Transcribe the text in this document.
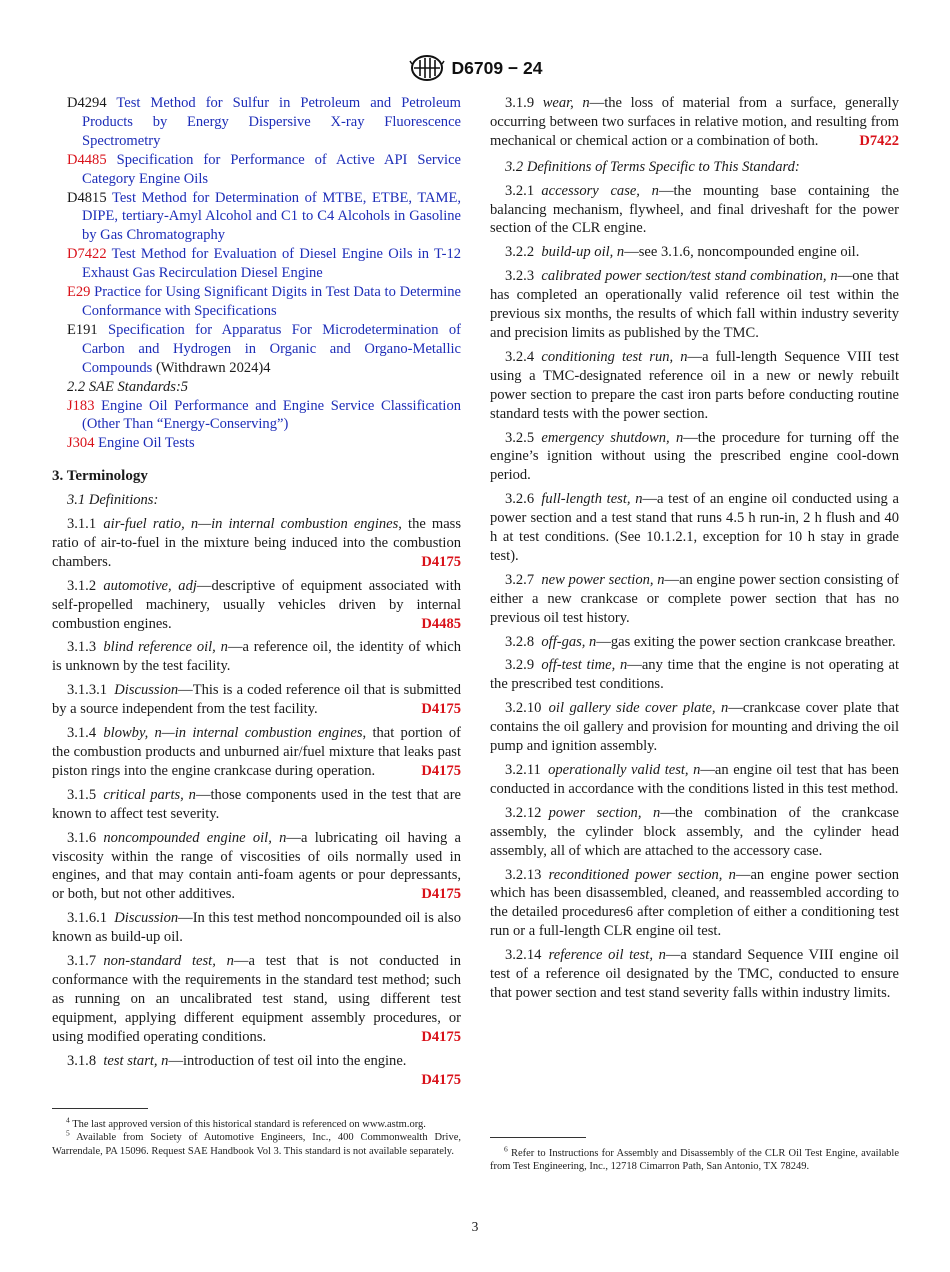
D6709 − 24

D4294 Test Method for Sulfur in Petroleum and Petroleum Products by Energy Dispersive X-ray Fluorescence Spectrometry

D4485 Specification for Performance of Active API Service Category Engine Oils

D4815 Test Method for Determination of MTBE, ETBE, TAME, DIPE, tertiary-Amyl Alcohol and C1 to C4 Alcohols in Gasoline by Gas Chromatography

D7422 Test Method for Evaluation of Diesel Engine Oils in T-12 Exhaust Gas Recirculation Diesel Engine

E29 Practice for Using Significant Digits in Test Data to Determine Conformance with Specifications

E191 Specification for Apparatus For Microdetermination of Carbon and Hydrogen in Organic and Organo-Metallic Compounds (Withdrawn 2024)4

2.2 SAE Standards:5

J183 Engine Oil Performance and Engine Service Classification (Other Than “Energy-Conserving”)

J304 Engine Oil Tests

3. Terminology

3.1 Definitions:

3.1.1  air-fuel ratio, n—in internal combustion engines, the mass ratio of air-to-fuel in the mixture being induced into the combustion chambers.	D4175

3.1.2  automotive, adj—descriptive of equipment associated with self-propelled machinery, usually vehicles driven by internal combustion engines.	D4485

3.1.3  blind reference oil, n—a reference oil, the identity of which is unknown by the test facility.

3.1.3.1  Discussion—This is a coded reference oil that is submitted by a source independent from the test facility.	D4175

3.1.4  blowby, n—in internal combustion engines, that portion of the combustion products and unburned air/fuel mixture that leaks past piston rings into the engine crankcase during operation.	D4175

3.1.5  critical parts, n—those components used in the test that are known to affect test severity.

3.1.6  noncompounded engine oil, n—a lubricating oil having a viscosity within the range of viscosities of oils normally used in engines, and that may contain anti-foam agents or pour depressants, or both, but not other additives.	D4175

3.1.6.1  Discussion—In this test method noncompounded oil is also known as build-up oil.

3.1.7  non-standard test, n—a test that is not conducted in conformance with the requirements in the standard test method; such as running on an uncalibrated test stand, using different test equipment, applying different equipment assembly procedures, or using modified operating conditions.	D4175

3.1.8  test start, n—introduction of test oil into the engine.
D4175

3.1.9 wear, n—the loss of material from a surface, generally occurring between two surfaces in relative motion, and resulting from mechanical or chemical action or a combination of both.	D7422

3.2 Definitions of Terms Specific to This Standard:

3.2.1  accessory case, n—the mounting base containing the balancing mechanism, flywheel, and final driveshaft for the power section of the CLR engine.

3.2.2  build-up oil, n—see 3.1.6, noncompounded engine oil.

3.2.3  calibrated power section/test stand combination, n—one that has completed an operationally valid reference oil test within the previous six months, the results of which fall within industry severity and precision limits as published by the TMC.

3.2.4  conditioning test run, n—a full-length Sequence VIII test using a TMC-designated reference oil in a new or newly rebuilt power section to prepare the cast iron parts before conducting routine standard tests with the power section.

3.2.5  emergency shutdown, n—the procedure for turning off the engine’s ignition without using the prescribed engine cool-down period.

3.2.6  full-length test, n—a test of an engine oil conducted using a power section and a test stand that runs 4.5 h run-in, 2 h flush and 40 h at test conditions. (See 10.1.2.1, exception for 10 h stay in grade test).

3.2.7  new power section, n—an engine power section consisting of either a new crankcase or complete power section that has no previous oil test history.

3.2.8  off-gas, n—gas exiting the power section crankcase breather.

3.2.9  off-test time, n—any time that the engine is not operating at the prescribed test conditions.

3.2.10  oil gallery side cover plate, n—crankcase cover plate that contains the oil gallery and provision for mounting and driving the oil pump and ignition assembly.

3.2.11  operationally valid test, n—an engine oil test that has been conducted in accordance with the conditions listed in this test method.

3.2.12  power section, n—the combination of the crankcase assembly, the cylinder block assembly, and the cylinder head assembly, all of which are attached to the accessory case.

3.2.13  reconditioned power section, n—an engine power section which has been disassembled, cleaned, and reassembled according to the detailed procedures6 after completion of either a conditioning test run or a full-length CLR engine oil test.

3.2.14  reference oil test, n—a standard Sequence VIII engine oil test of a reference oil designated by the TMC, conducted to ensure that power section and test stand severity falls within industry limits.

$^4$ The last approved version of this historical standard is referenced on www.astm.org.

$^5$ Available from Society of Automotive Engineers, Inc., 400 Commonwealth Drive, Warrendale, PA 15096. Request SAE Handbook Vol 3. This standard is not available separately.	$^6$ Refer to Instructions for Assembly and Disassembly of the CLR Oil Test Engine, available from Test Engineering, Inc., 12718 Cimarron Path, San Antonio, TX 78249.

3
